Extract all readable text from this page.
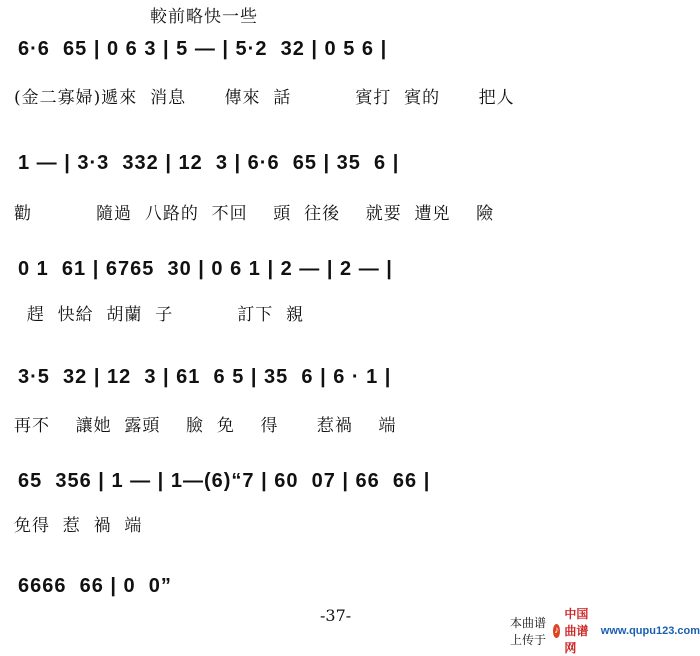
較前略快一些
6·6  65 | 0 6 3 | 5 — | 5·2  32 | 0 5 6 |
(金二寡婦)遞來  消息      傳來  話          賓打  賓的      把人
1 — | 3·3  332 | 12  3 | 6·6  65 | 35  6 |
勸          隨過  八路的  不回    頭  往後    就要  遭兇    險
0 1  61 | 6765  30 | 0 6 1 | 2 — | 2 — |
趕  快給  胡蘭  子          訂下  親
3·5  32 | 12  3 | 61  6 5 | 35  6 | 6 · 1 |
再不    讓她  露頭    臉  免    得      惹禍    端
65  356 | 1 — | 1—(6)“7 | 60  07 | 66  66 |
免得  惹  禍  端
6666  66 | 0  0”
-37-	本曲谱上传于
♪
中国曲谱网
www.qupu123.com
